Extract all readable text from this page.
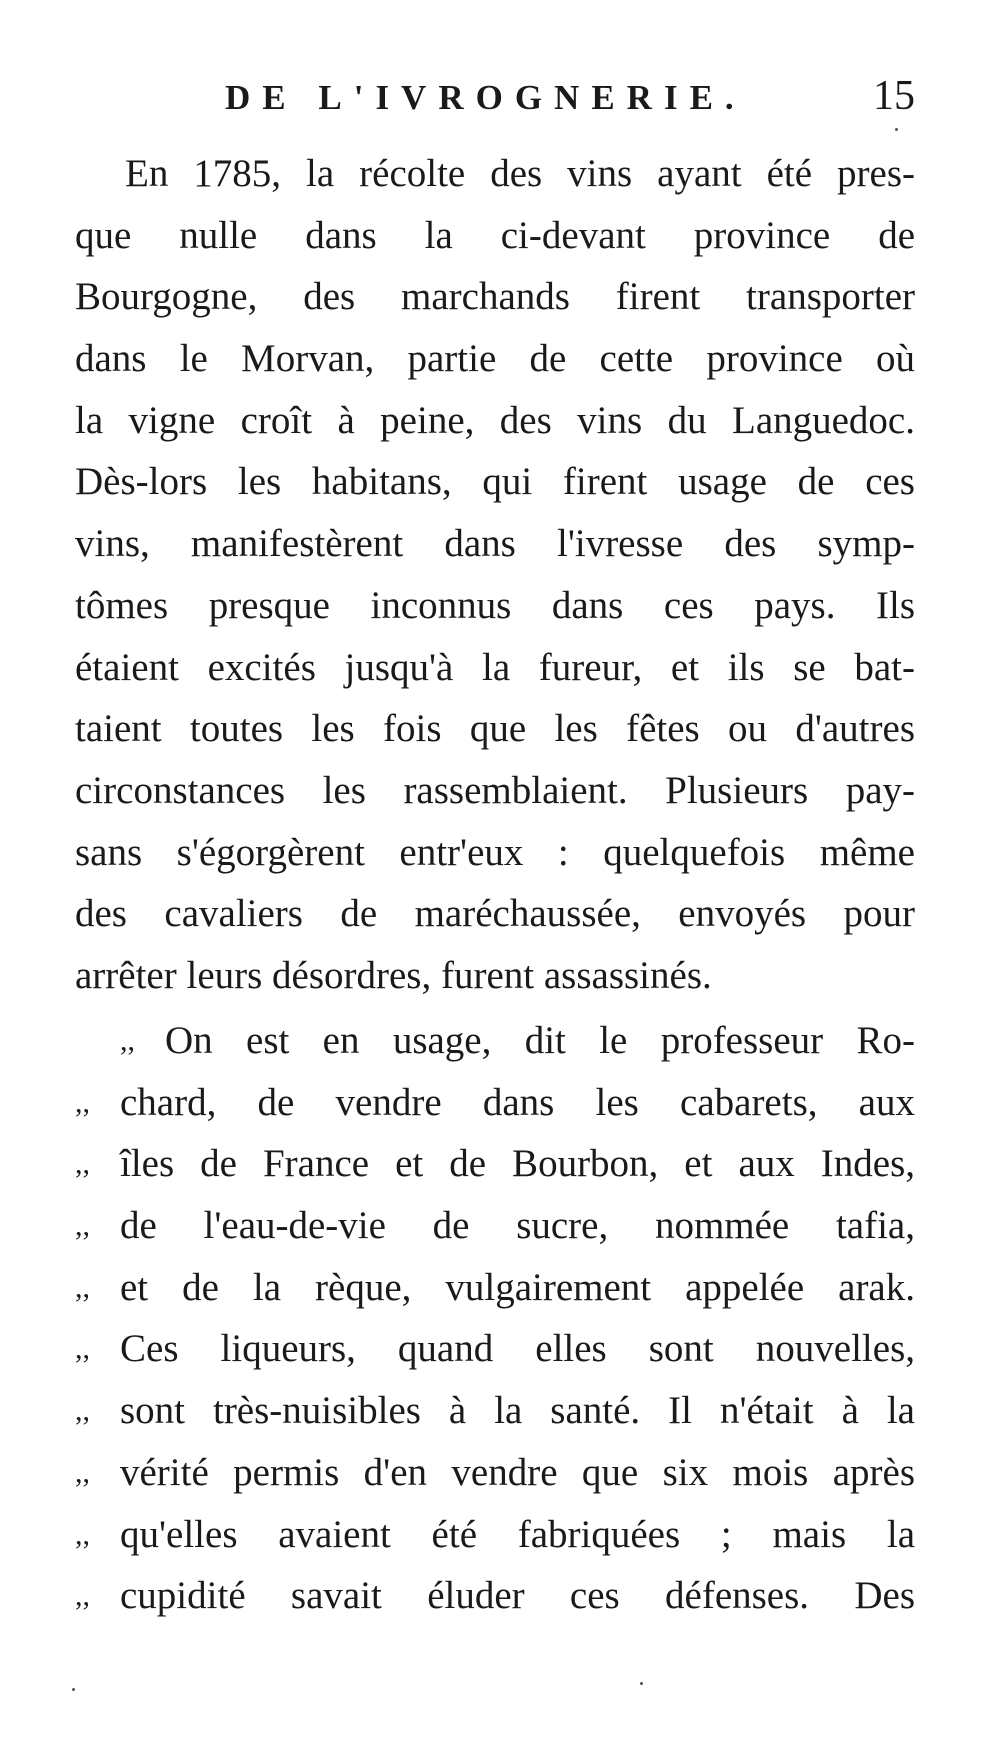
DE L'IVROGNERIE.	15
En 1785, la récolte des vins ayant été pres-
que nulle dans la ci-devant province de
Bourgogne, des marchands firent transporter
dans le Morvan, partie de cette province où
la vigne croît à peine, des vins du Languedoc.
Dès-lors les habitans, qui firent usage de ces
vins, manifestèrent dans l'ivresse des symp-
tômes presque inconnus dans ces pays. Ils
étaient excités jusqu'à la fureur, et ils se bat-
taient toutes les fois que les fêtes ou d'autres
circonstances les rassemblaient. Plusieurs pay-
sans s'égorgèrent entr'eux : quelquefois même
des cavaliers de maréchaussée, envoyés pour
arrêter leurs désordres, furent assassinés.
,, On est en usage, dit le professeur Ro-
,, chard, de vendre dans les cabarets, aux
,, îles de France et de Bourbon, et aux Indes,
,, de l'eau-de-vie de sucre, nommée tafia,
,, et de la rèque, vulgairement appelée arak.
,, Ces liqueurs, quand elles sont nouvelles,
,, sont très-nuisibles à la santé. Il n'était à la
,, vérité permis d'en vendre que six mois après
,, qu'elles avaient été fabriquées ; mais la
,, cupidité savait éluder ces défenses. Des
